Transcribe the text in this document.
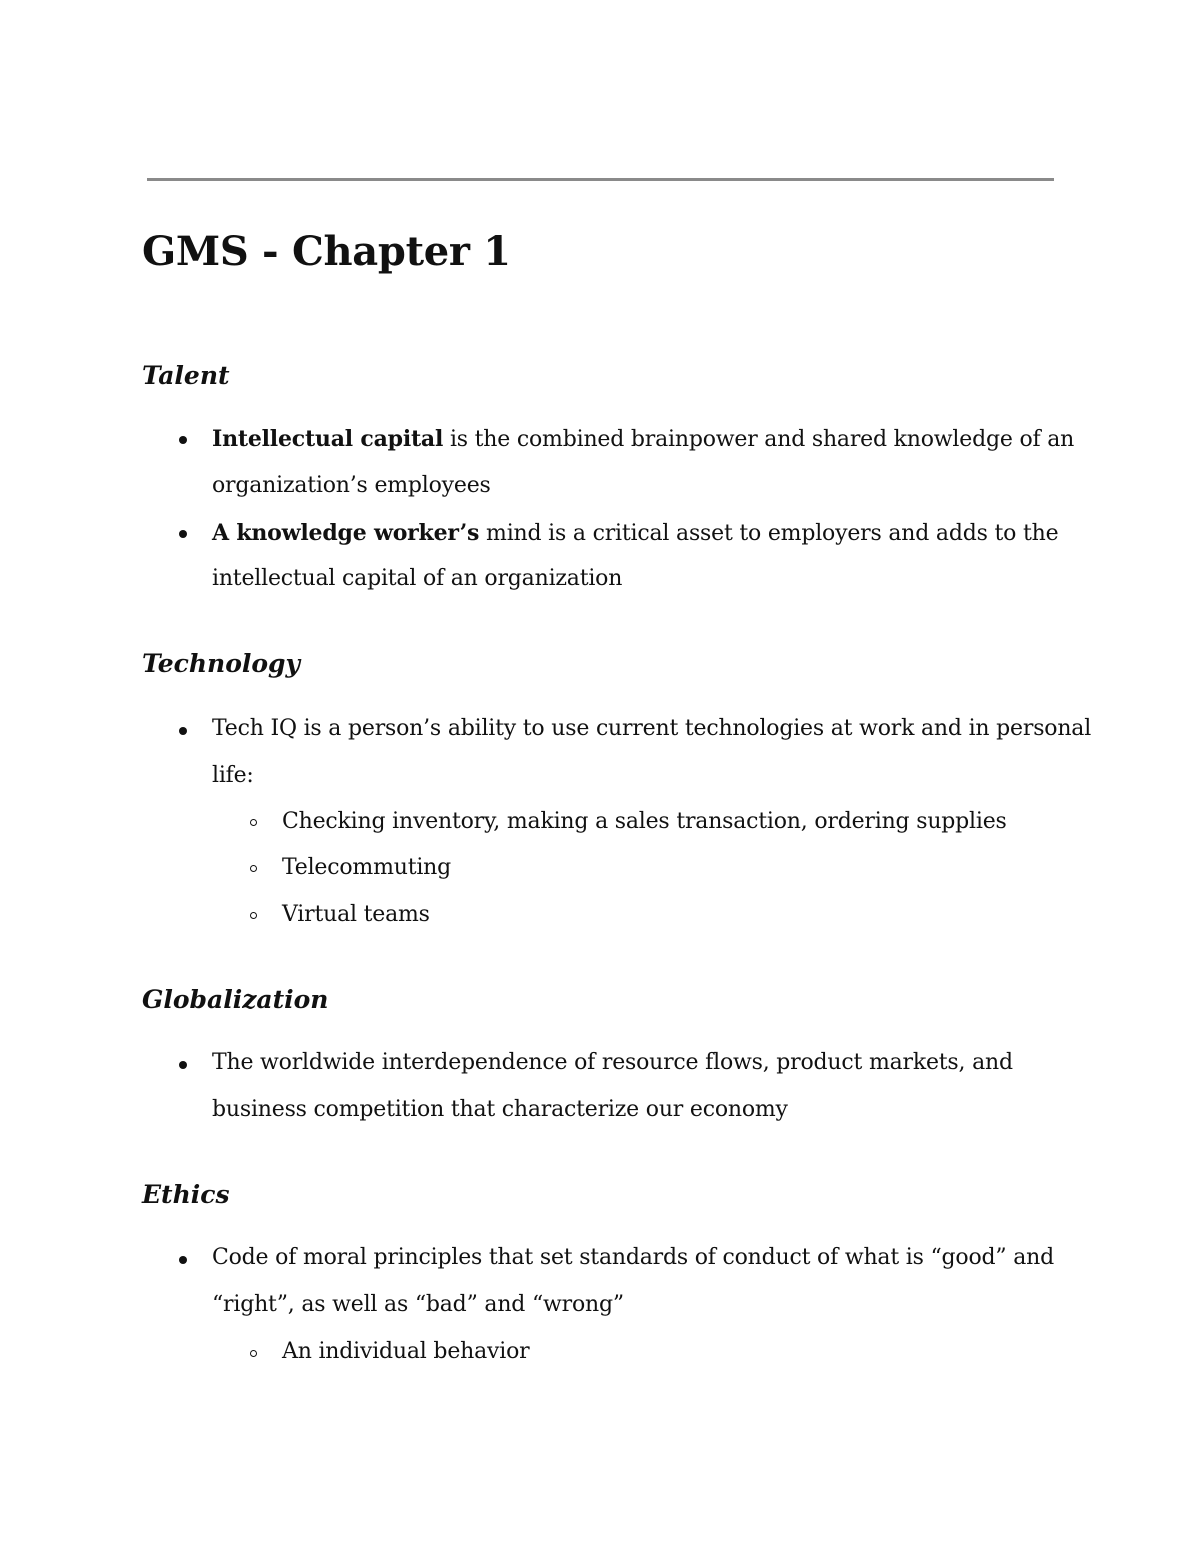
GMS - Chapter 1
Talent
Intellectual capital is the combined brainpower and shared knowledge of an
organization’s employees
A knowledge worker’s mind is a critical asset to employers and adds to the
intellectual capital of an organization
Technology
Tech IQ is a person’s ability to use current technologies at work and in personal
life:
Checking inventory, making a sales transaction, ordering supplies
Telecommuting
Virtual teams
Globalization
The worldwide interdependence of resource flows, product markets, and
business competition that characterize our economy
Ethics
Code of moral principles that set standards of conduct of what is “good” and
“right”, as well as “bad” and “wrong”
An individual behavior
